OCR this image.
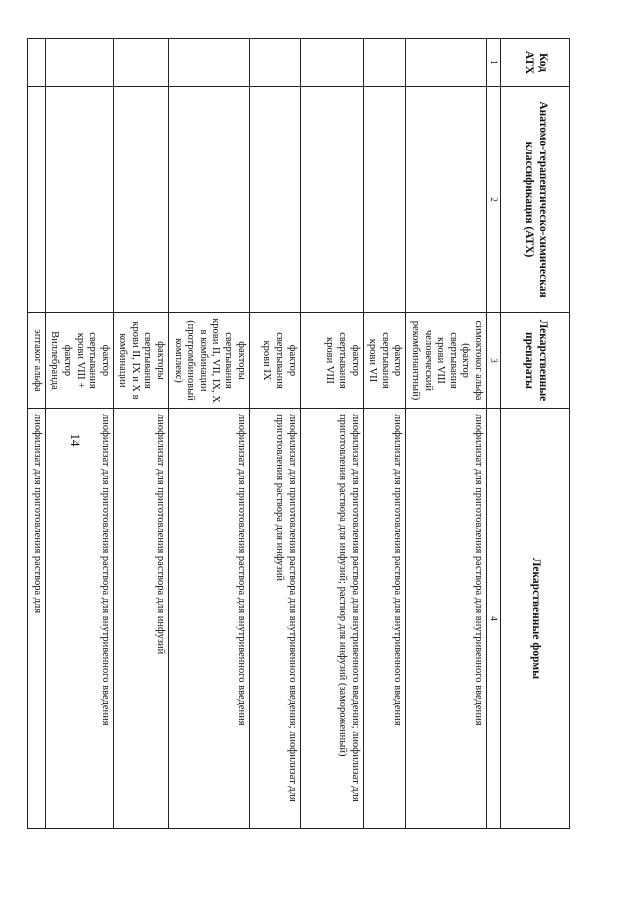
14
Код АТХ	Анатомо-терапевтическо-химическая классификация (АТХ)	Лекарственные препараты	Лекарственные формы
1	2	3	4
		симоктоког альфа (фактор свертывания крови VIII человеческий рекомбинантный)	лиофилизат для приготовления раствора для внутривенного введения
		фактор свертывания крови VII	лиофилизат для приготовления раствора для внутривенного введения
		фактор свертывания крови VIII	лиофилизат для приготовления раствора для внутривенного введения; лиофилизат для приготовления раствора для инфузий; раствор для инфузий (замороженный)
		фактор свертывания крови IX	лиофилизат для приготовления раствора для внутривенного введения; лиофилизат для приготовления раствора для инфузий
		факторы свертывания крови II, VII, IX, X в комбинации (протромбиновый комплекс)	лиофилизат для приготовления раствора для внутривенного введения
		факторы свертывания крови II, IX и X в комбинации	лиофилизат для приготовления раствора для инфузий
		фактор свертывания крови VIII + фактор Виллебранда	лиофилизат для приготовления раствора для внутривенного введения
		эптаког альфа	лиофилизат для приготовления раствора для
